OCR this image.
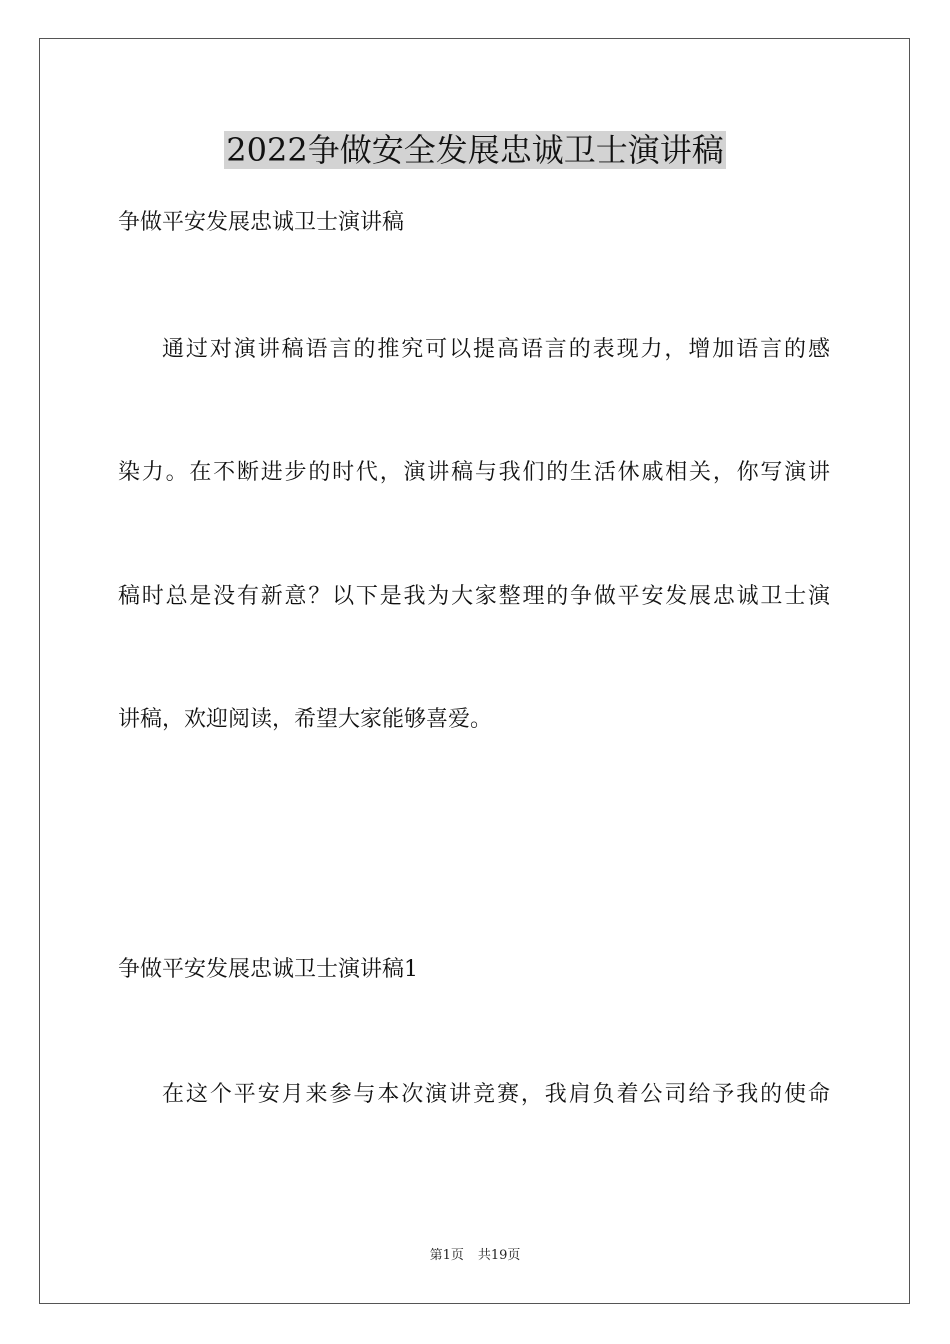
2022争做安全发展忠诚卫士演讲稿
争做平安发展忠诚卫士演讲稿
通过对演讲稿语言的推究可以提高语言的表现力，增加语言的感
染力。在不断进步的时代，演讲稿与我们的生活休戚相关，你写演讲
稿时总是没有新意？以下是我为大家整理的争做平安发展忠诚卫士演
讲稿，欢迎阅读，希望大家能够喜爱。
争做平安发展忠诚卫士演讲稿1
在这个平安月来参与本次演讲竞赛，我肩负着公司给予我的使命
第1页 共19页
